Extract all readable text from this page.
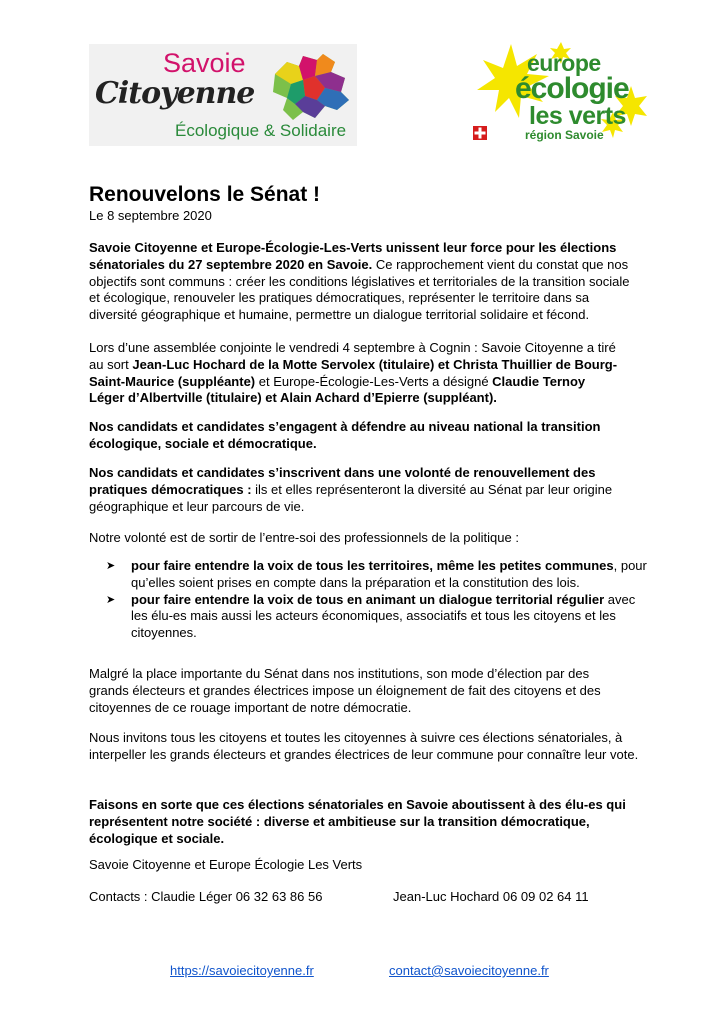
Savoie
Citoyenne
Écologique & Solidaire
europe
écologie
les verts
région Savoie
Renouvelons le Sénat !
Le 8 septembre 2020
Savoie Citoyenne et Europe-Écologie-Les-Verts unissent leur force pour les élections sénatoriales du 27 septembre 2020 en Savoie. Ce rapprochement vient du constat que nos objectifs sont communs : créer les conditions législatives et territoriales de la transition sociale et écologique, renouveler les pratiques démocratiques, représenter le territoire dans sa diversité géographique et humaine, permettre un dialogue territorial solidaire et fécond.
Lors d’une assemblée conjointe le vendredi 4 septembre à Cognin : Savoie Citoyenne a tiré au sort Jean-Luc Hochard de la Motte Servolex (titulaire) et Christa Thuillier de Bourg-Saint-Maurice (suppléante) et Europe-Écologie-Les-Verts a désigné Claudie Ternoy Léger d’Albertville (titulaire) et Alain Achard d’Epierre (suppléant).
Nos candidats et candidates s’engagent à défendre au niveau national la transition écologique, sociale et démocratique.
Nos candidats et candidates s’inscrivent dans une volonté de renouvellement des pratiques démocratiques : ils et elles représenteront la diversité au Sénat par leur origine géographique et leur parcours de vie.
Notre volonté est de sortir de l’entre-soi des professionnels de la politique :
➤ pour faire entendre la voix de tous les territoires, même les petites communes, pour qu’elles soient prises en compte dans la préparation et la constitution des lois.
➤ pour faire entendre la voix de tous en animant un dialogue territorial régulier avec les élu-es mais aussi les acteurs économiques, associatifs et tous les citoyens et les citoyennes.
Malgré la place importante du Sénat dans nos institutions, son mode d’élection par des grands électeurs et grandes électrices impose un éloignement de fait des citoyens et des citoyennes de ce rouage important de notre démocratie.
Nous invitons tous les citoyens et toutes les citoyennes à suivre ces élections sénatoriales, à interpeller les grands électeurs et grandes électrices de leur commune pour connaître leur vote.
Faisons en sorte que ces élections sénatoriales en Savoie aboutissent à des élu-es qui représentent notre société : diverse et ambitieuse sur la transition démocratique, écologique et sociale.
Savoie Citoyenne et Europe Écologie Les Verts
Contacts : Claudie Léger 06 32 63 86 56	Jean-Luc Hochard 06 09 02 64 11
https://savoiecitoyenne.fr	contact@savoiecitoyenne.fr
